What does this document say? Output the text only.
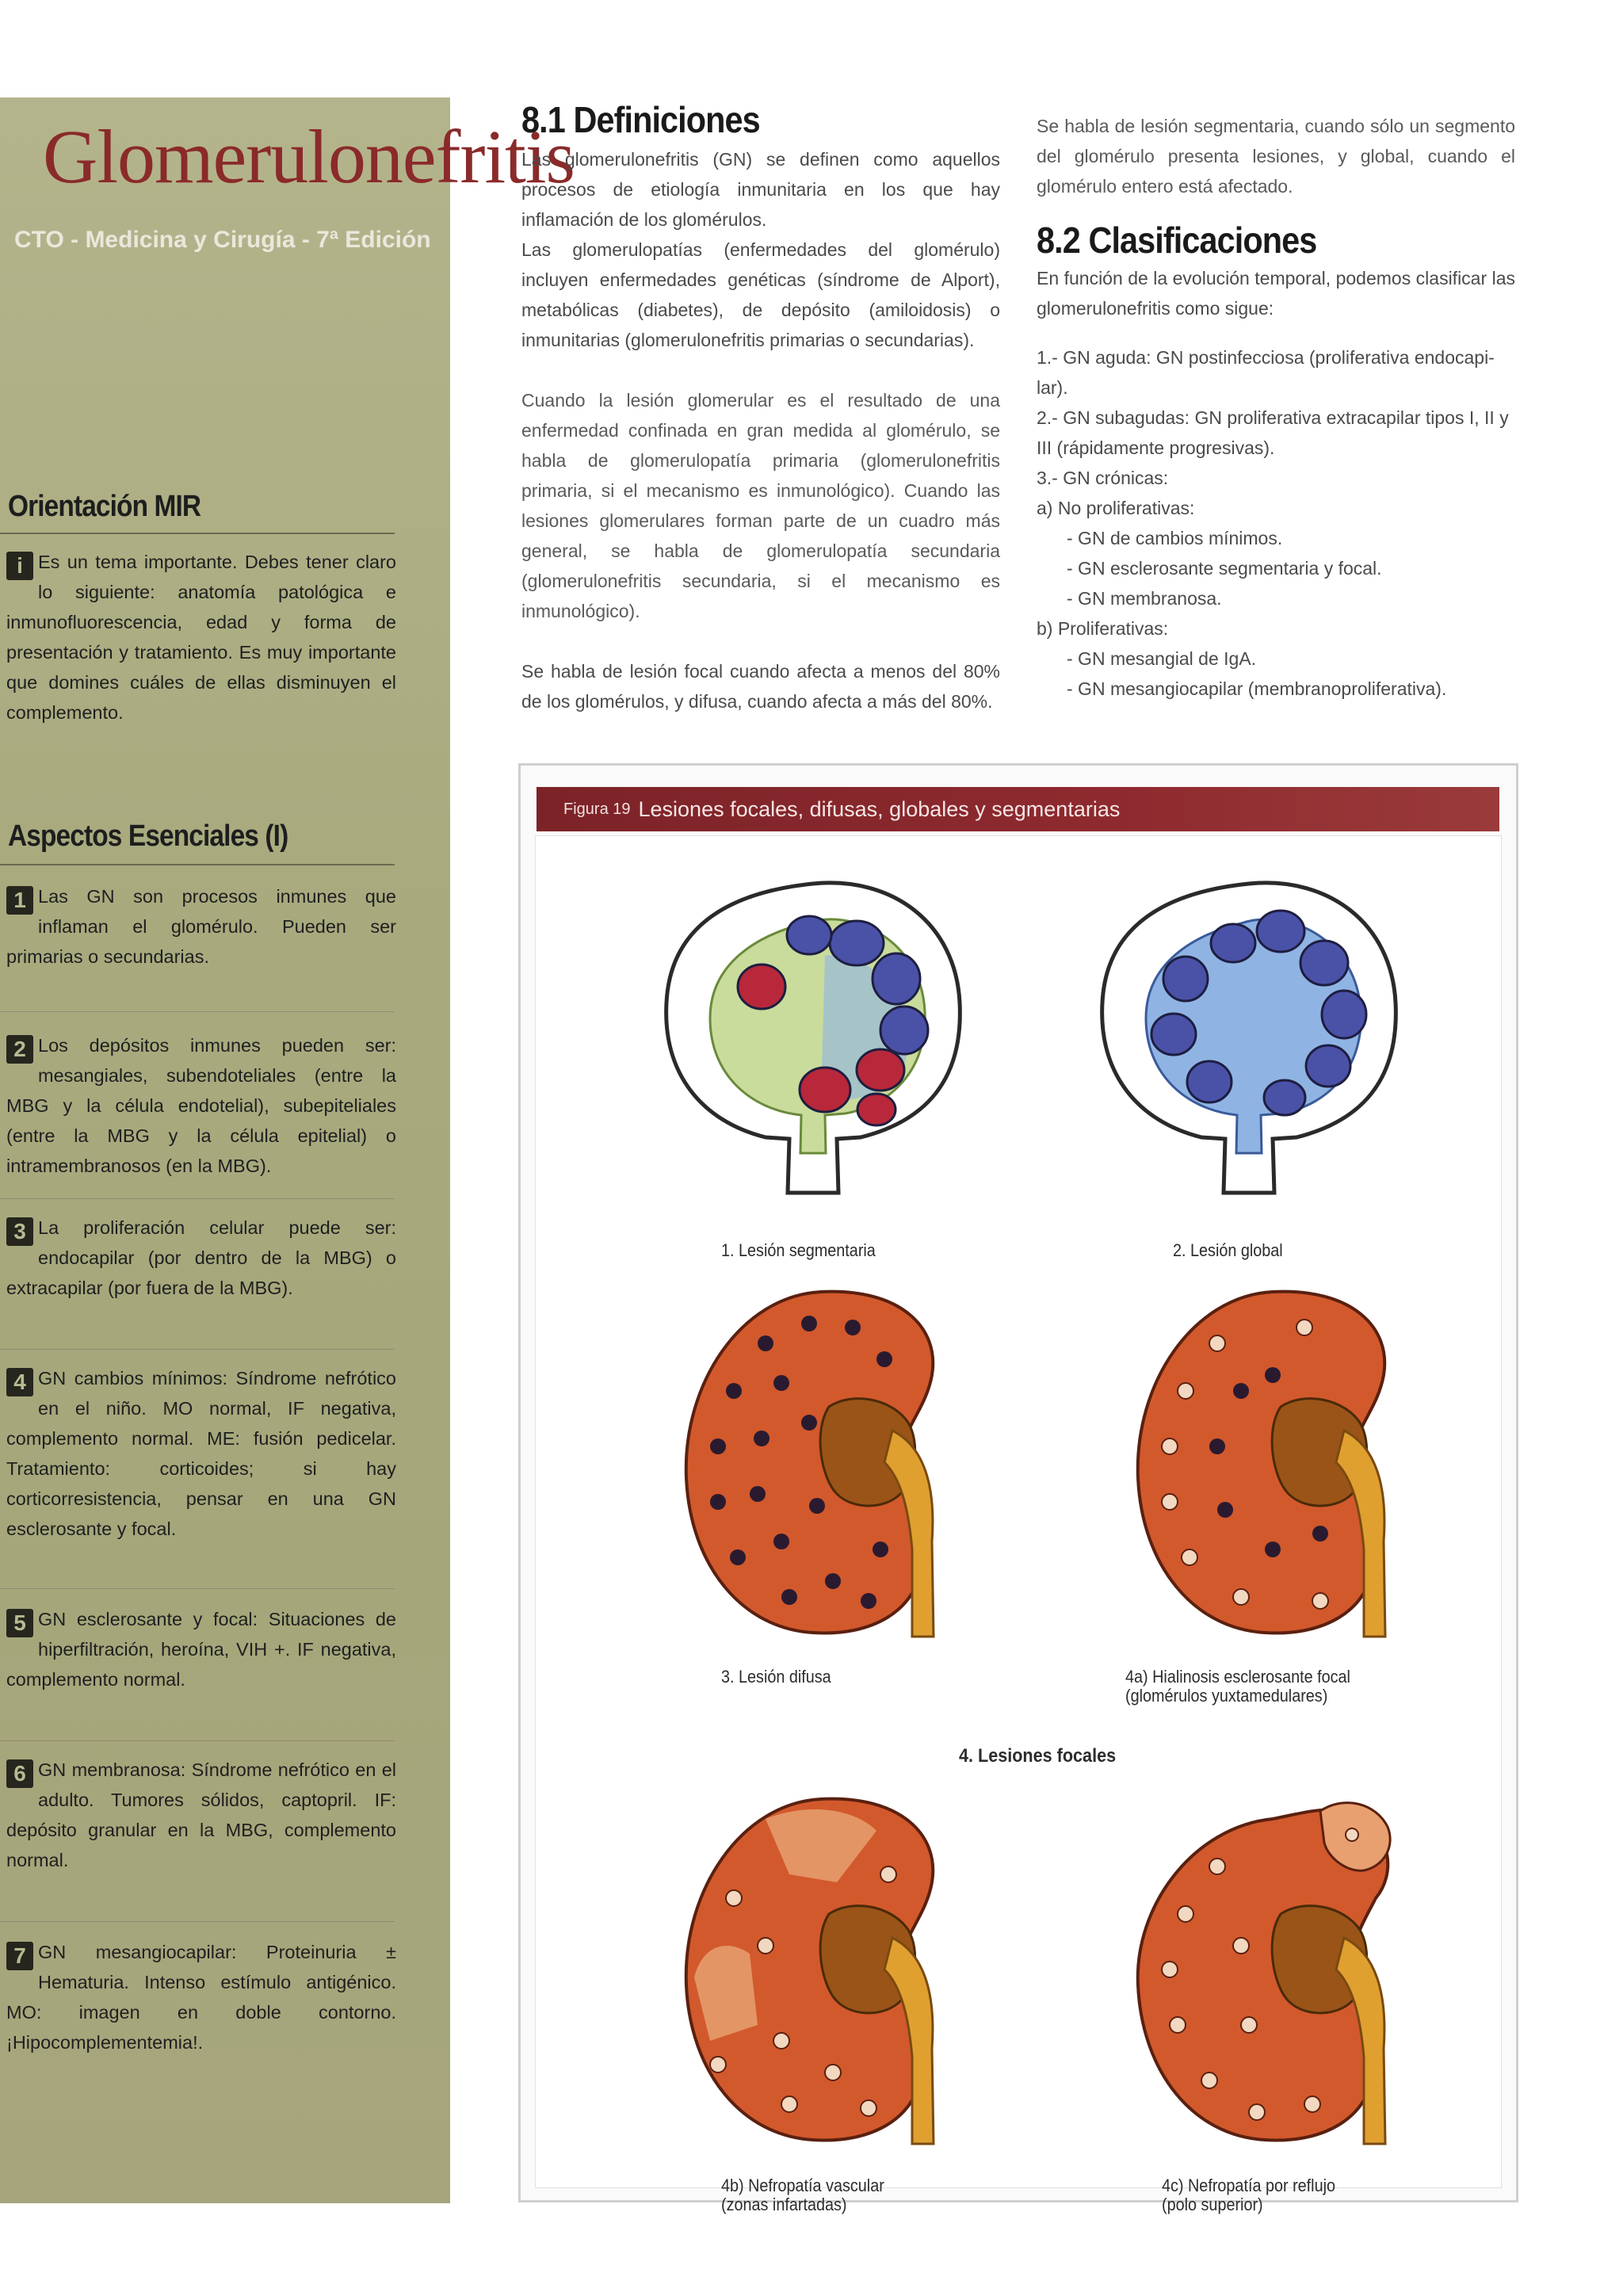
Glomerulonefritis
CTO - Medicina y Cirugía - 7ª Edición
Orientación MIR
i Es un tema importante. Debes tener claro lo siguiente: anatomía patológica e inmunofluorescencia, edad y forma de presentación y tratamiento. Es muy importante que domines cuáles de ellas disminuyen el complemento.
Aspectos Esenciales (I)
1 Las GN son procesos inmunes que inflaman el glomérulo. Pueden ser primarias o secundarias.
2 Los depósitos inmunes pueden ser: mesangiales, subendoteliales (entre la MBG y la célula endotelial), subepiteliales (entre la MBG y la célula epitelial) o intramembranosos (en la MBG).
3 La proliferación celular puede ser: endocapilar (por dentro de la MBG) o extracapilar (por fuera de la MBG).
4 GN cambios mínimos: Síndrome nefrótico en el niño. MO normal, IF negativa, complemento normal. ME: fusión pedicelar. Tratamiento: corticoides; si hay corticorresistencia, pensar en una GN esclerosante y focal.
5 GN esclerosante y focal: Situaciones de hiperfiltración, heroína, VIH +. IF negativa, complemento normal.
6 GN membranosa: Síndrome nefrótico en el adulto. Tumores sólidos, captopril. IF: depósito granular en la MBG, complemento normal.
7 GN mesangiocapilar: Proteinuria ± Hematuria. Intenso estímulo antigénico. MO: imagen en doble contorno. ¡Hipocomplementemia!.
8.1 Definiciones

Las glomerulonefritis (GN) se definen como aquellos procesos de etiología inmunitaria en los que hay inflamación de los glomérulos.

Las glomerulopatías (enfermedades del glomérulo) incluyen enfermedades genéticas (síndrome de Alport), metabólicas (diabetes), de depósito (amiloidosis) o inmunitarias (glomerulonefritis primarias o secundarias).

Cuando la lesión glomerular es el resultado de una enfermedad confinada en gran medida al glomérulo, se habla de glomerulopatía primaria (glomerulonefritis primaria, si el mecanismo es inmunológico). Cuando las lesiones glomerulares forman parte de un cuadro más general, se habla de glomerulopatía secundaria (glomerulonefritis secundaria, si el mecanismo es inmunológico).

Se habla de lesión focal cuando afecta a menos del 80% de los glomérulos, y difusa, cuando afecta a más del 80%.

Se habla de lesión segmentaria, cuando sólo un segmento del glomérulo presenta lesiones, y global, cuando el glomérulo entero está afectado.

8.2 Clasificaciones

En función de la evolución temporal, podemos clasificar las glomerulonefritis como sigue:

1.- GN aguda: GN postinfecciosa (proliferativa endocapi-
lar).
2.- GN subagudas: GN proliferativa extracapilar tipos I, II y
III (rápidamente progresivas).
3.- GN crónicas:
a) No proliferativas:
- GN de cambios mínimos.
- GN esclerosante segmentaria y focal.
- GN membranosa.
b) Proliferativas:
- GN mesangial de IgA.
- GN mesangiocapilar (membranoproliferativa).
Figura 19 Lesiones focales, difusas, globales y segmentarias
1. Lesión segmentaria	2. Lesión global
3. Lesión difusa	4a) Hialinosis esclerosante focal
(glomérulos yuxtamedulares)
4. Lesiones focales
4b) Nefropatía vascular
(zonas infartadas)
4c) Nefropatía por reflujo
(polo superior)
